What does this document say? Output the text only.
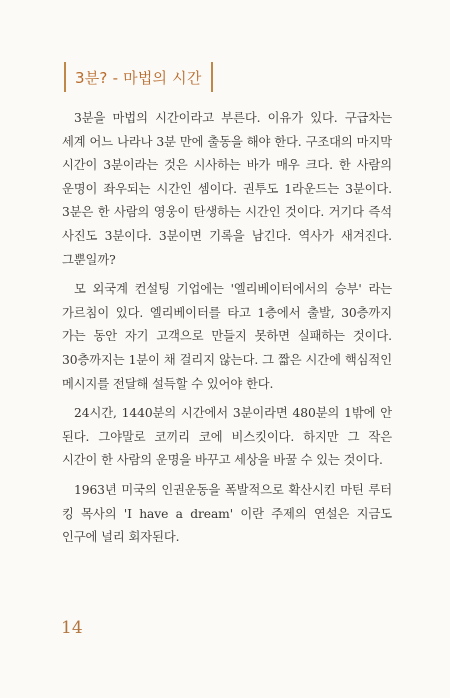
3분? - 마법의 시간

3분을 마법의 시간이라고 부른다. 이유가 있다. 구급차는 세계 어느 나라나 3분 만에 출동을 해야 한다. 구조대의 마지막 시간이 3분이라는 것은 시사하는 바가 매우 크다. 한 사람의 운명이 좌우되는 시간인 셈이다. 권투도 1라운드는 3분이다. 3분은 한 사람의 영웅이 탄생하는 시간인 것이다. 거기다 즉석 사진도 3분이다. 3분이면 기록을 남긴다. 역사가 새겨진다. 그뿐일까?

모 외국계 컨설팅 기업에는 '엘리베이터에서의 승부' 라는 가르침이 있다. 엘리베이터를 타고 1층에서 출발, 30층까지 가는 동안 자기 고객으로 만들지 못하면 실패하는 것이다. 30층까지는 1분이 채 걸리지 않는다. 그 짧은 시간에 핵심적인 메시지를 전달해 설득할 수 있어야 한다.

24시간, 1440분의 시간에서 3분이라면 480분의 1밖에 안 된다. 그야말로 코끼리 코에 비스킷이다. 하지만 그 작은 시간이 한 사람의 운명을 바꾸고 세상을 바꿀 수 있는 것이다.

1963년 미국의 인권운동을 폭발적으로 확산시킨 마틴 루터 킹 목사의 'I have a dream' 이란 주제의 연설은 지금도 인구에 널리 회자된다.

14
